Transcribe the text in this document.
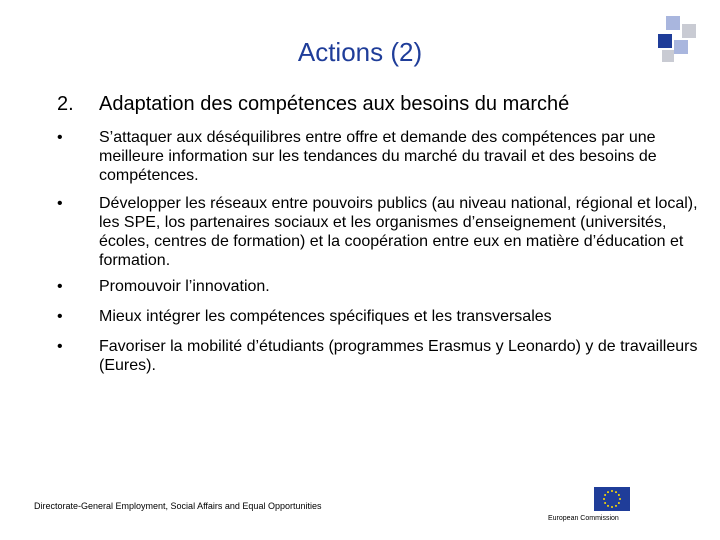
Actions (2)
2. Adaptation des compétences aux besoins du marché
• S’attaquer aux déséquilibres entre offre et demande des compétences par une meilleure information sur les tendances du marché du travail et des besoins de compétences.
• Développer les réseaux entre pouvoirs publics (au niveau national, régional et local), les SPE, los partenaires sociaux et les organismes d’enseignement (universités, écoles, centres de formation) et la coopération entre eux en matière d’éducation et formation.
• Promouvoir l’innovation.
• Mieux intégrer les compétences spécifiques et les transversales
• Favoriser la mobilité d’étudiants (programmes Erasmus y Leonardo) y de travailleurs (Eures).
Directorate-General Employment, Social Affairs and Equal Opportunities
European Commission
